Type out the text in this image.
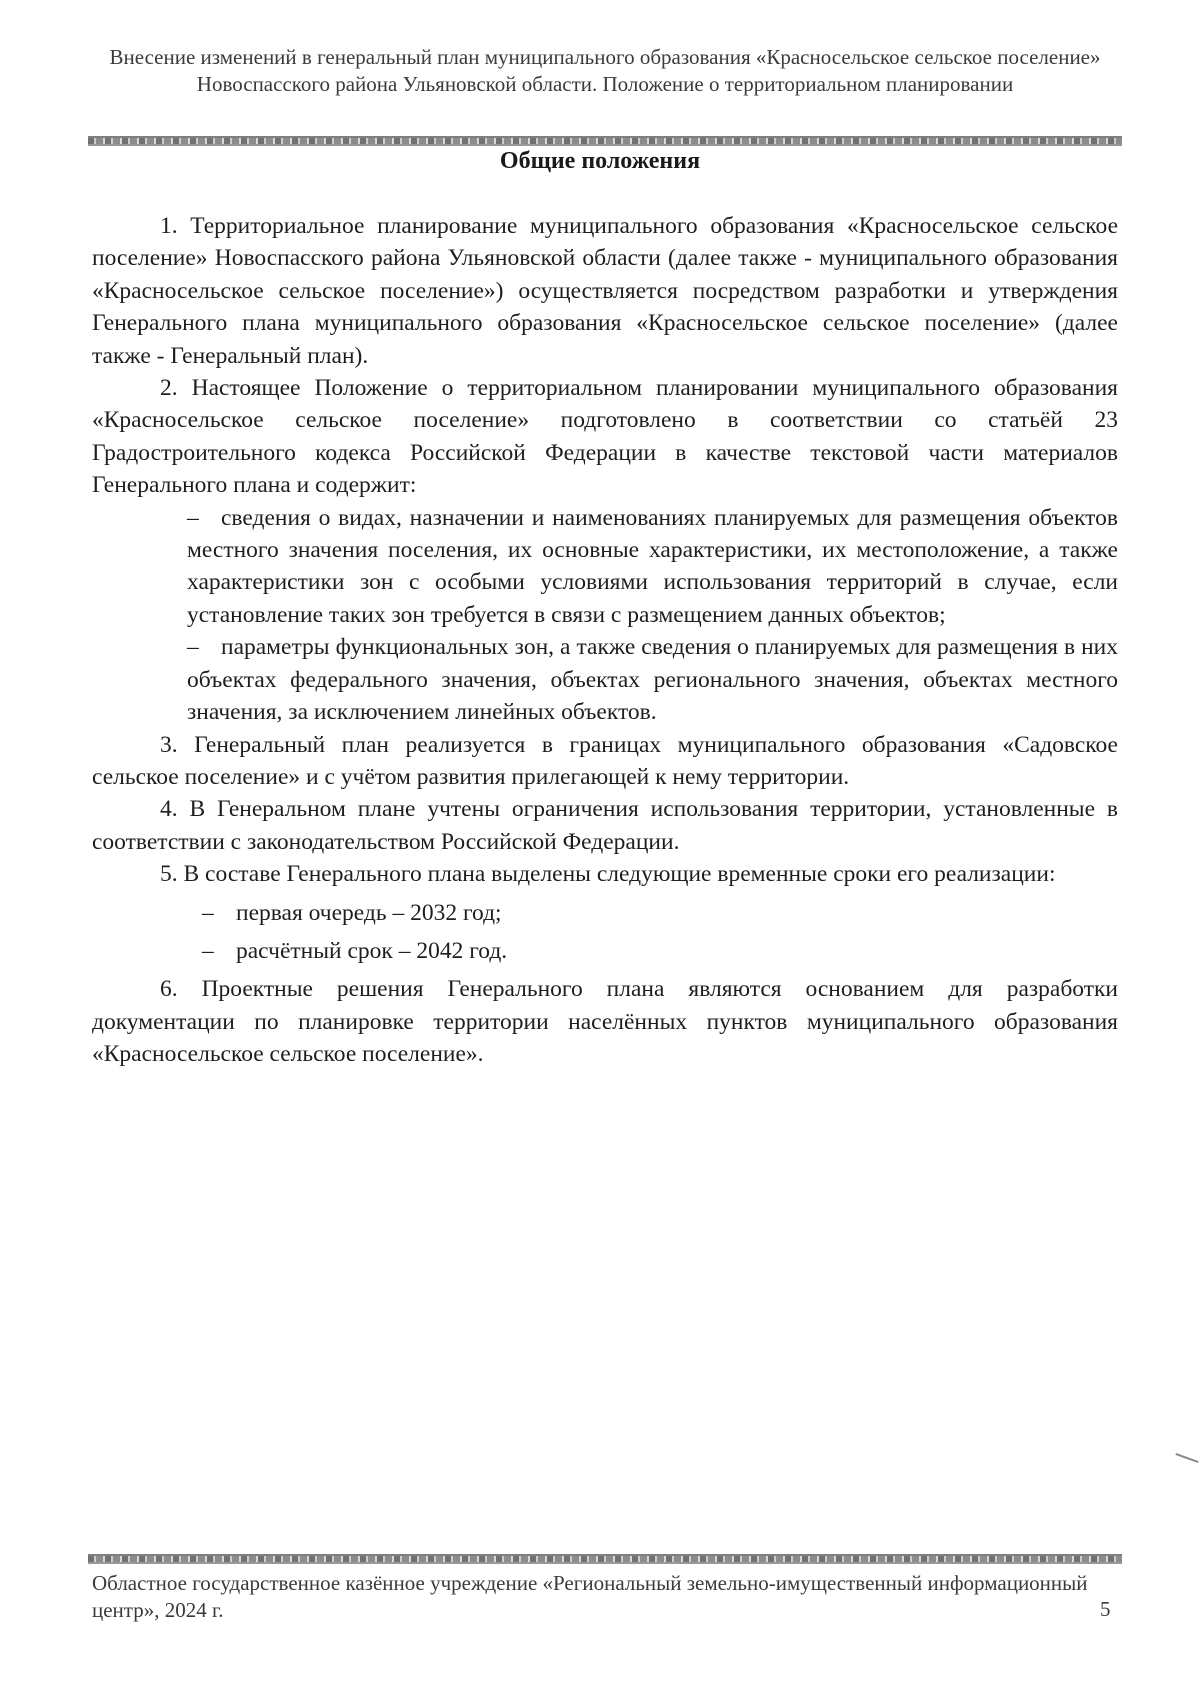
Внесение изменений в генеральный план муниципального образования «Красносельское сельское поселение» Новоспасского района Ульяновской области. Положение о территориальном планировании
Общие положения

1. Территориальное планирование муниципального образования «Красносельское сельское поселение» Новоспасского района Ульяновской области (далее также - муниципального образования «Красносельское сельское поселение») осуществляется посредством разработки и утверждения Генерального плана муниципального образования «Красносельское сельское поселение» (далее также - Генеральный план).

2. Настоящее Положение о территориальном планировании муниципального образования «Красносельское сельское поселение» подготовлено в соответствии со статьёй 23 Градостроительного кодекса Российской Федерации в качестве текстовой части материалов Генерального плана и содержит:

– сведения о видах, назначении и наименованиях планируемых для размещения объектов местного значения поселения, их основные характеристики, их местоположение, а также характеристики зон с особыми условиями использования территорий в случае, если установление таких зон требуется в связи с размещением данных объектов;
– параметры функциональных зон, а также сведения о планируемых для размещения в них объектах федерального значения, объектах регионального значения, объектах местного значения, за исключением линейных объектов.

3. Генеральный план реализуется в границах муниципального образования «Садовское сельское поселение» и с учётом развития прилегающей к нему территории.

4. В Генеральном плане учтены ограничения использования территории, установленные в соответствии с законодательством Российской Федерации.

5. В составе Генерального плана выделены следующие временные сроки его реализации:

– первая очередь – 2032 год;
– расчётный срок – 2042 год.

6. Проектные решения Генерального плана являются основанием для разработки документации по планировке территории населённых пунктов муниципального образования «Красносельское сельское поселение».

Областное государственное казённое учреждение «Региональный земельно-имущественный информационный центр», 2024 г.	5
